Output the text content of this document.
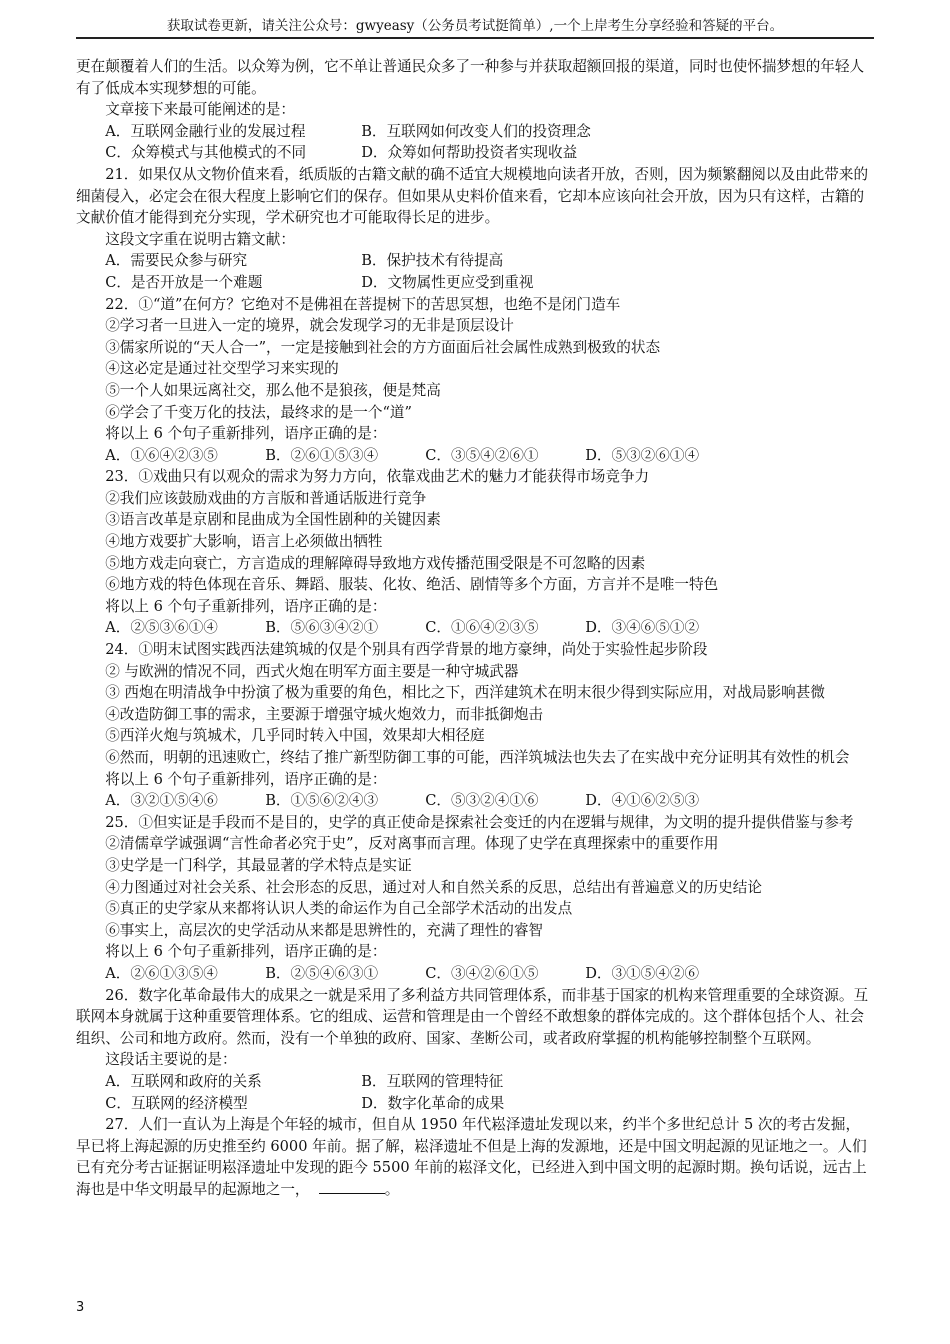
获取试卷更新，请关注公众号：gwyeasy（公务员考试挺简单）,一个上岸考生分享经验和答疑的平台。

更在颠覆着人们的生活。以众筹为例，它不单让普通民众多了一种参与并获取超额回报的渠道，同时也使怀揣梦想的年轻人有了低成本实现梦想的可能。

文章接下来最可能阐述的是：

A．互联网金融行业的发展过程	B．互联网如何改变人们的投资理念
C．众筹模式与其他模式的不同	D．众筹如何帮助投资者实现收益

21．如果仅从文物价值来看，纸质版的古籍文献的确不适宜大规模地向读者开放，否则，因为频繁翻阅以及由此带来的细菌侵入，必定会在很大程度上影响它们的保存。但如果从史料价值来看，它却本应该向社会开放，因为只有这样，古籍的文献价值才能得到充分实现，学术研究也才可能取得长足的进步。

这段文字重在说明古籍文献：

A．需要民众参与研究	B．保护技术有待提高
C．是否开放是一个难题	D．文物属性更应受到重视

22．①“道”在何方？它绝对不是佛祖在菩提树下的苦思冥想，也绝不是闭门造车

②学习者一旦进入一定的境界，就会发现学习的无非是顶层设计

③儒家所说的“天人合一”，一定是接触到社会的方方面面后社会属性成熟到极致的状态

④这必定是通过社交型学习来实现的

⑤一个人如果远离社交，那么他不是狼孩，便是梵高

⑥学会了千变万化的技法，最终求的是一个“道”

将以上 6 个句子重新排列，语序正确的是：

A．①⑥④②③⑤	B．②⑥①⑤③④	C．③⑤④②⑥①	D．⑤③②⑥①④

23．①戏曲只有以观众的需求为努力方向，依靠戏曲艺术的魅力才能获得市场竞争力

②我们应该鼓励戏曲的方言版和普通话版进行竞争

③语言改革是京剧和昆曲成为全国性剧种的关键因素

④地方戏要扩大影响，语言上必须做出牺牲

⑤地方戏走向衰亡，方言造成的理解障碍导致地方戏传播范围受限是不可忽略的因素

⑥地方戏的特色体现在音乐、舞蹈、服装、化妆、绝活、剧情等多个方面，方言并不是唯一特色

将以上 6 个句子重新排列，语序正确的是：

A．②⑤③⑥①④	B．⑤⑥③④②①	C．①⑥④②③⑤	D．③④⑥⑤①②

24．①明末试图实践西法建筑城的仅是个别具有西学背景的地方豪绅，尚处于实验性起步阶段

② 与欧洲的情况不同，西式火炮在明军方面主要是一种守城武器

③ 西炮在明清战争中扮演了极为重要的角色，相比之下，西洋建筑术在明末很少得到实际应用，对战局影响甚微

④改造防御工事的需求，主要源于增强守城火炮效力，而非抵御炮击

⑤西洋火炮与筑城术，几乎同时转入中国，效果却大相径庭

⑥然而，明朝的迅速败亡，终结了推广新型防御工事的可能，西洋筑城法也失去了在实战中充分证明其有效性的机会

将以上 6 个句子重新排列，语序正确的是：

A．③②①⑤④⑥	B．①⑤⑥②④③	C．⑤③②④①⑥	D．④①⑥②⑤③

25．①但实证是手段而不是目的，史学的真正使命是探索社会变迁的内在逻辑与规律，为文明的提升提供借鉴与参考

②清儒章学诚强调“言性命者必究于史”，反对离事而言理。体现了史学在真理探索中的重要作用

③史学是一门科学，其最显著的学术特点是实证

④力图通过对社会关系、社会形态的反思，通过对人和自然关系的反思，总结出有普遍意义的历史结论

⑤真正的史学家从来都将认识人类的命运作为自己全部学术活动的出发点

⑥事实上，高层次的史学活动从来都是思辨性的，充满了理性的睿智

将以上 6 个句子重新排列，语序正确的是：

A．②⑥①③⑤④	B．②⑤④⑥③①	C．③④②⑥①⑤	D．③①⑤④②⑥

26．数字化革命最伟大的成果之一就是采用了多利益方共同管理体系，而非基于国家的机构来管理重要的全球资源。互联网本身就属于这种重要管理体系。它的组成、运营和管理是由一个曾经不敢想象的群体完成的。这个群体包括个人、社会组织、公司和地方政府。然而，没有一个单独的政府、国家、垄断公司，或者政府掌握的机构能够控制整个互联网。

这段话主要说的是：

A．互联网和政府的关系	B．互联网的管理特征
C．互联网的经济模型	D．数字化革命的成果

27．人们一直认为上海是个年轻的城市，但自从 1950 年代崧泽遗址发现以来，约半个多世纪总计 5 次的考古发掘，早已将上海起源的历史推至约 6000 年前。据了解，崧泽遗址不但是上海的发源地，还是中国文明起源的见证地之一。人们已有充分考古证据证明崧泽遗址中发现的距今 5500 年前的崧泽文化，已经进入到中国文明的起源时期。换句话说，远古上海也是中华文明最早的起源地之一，	。

3
